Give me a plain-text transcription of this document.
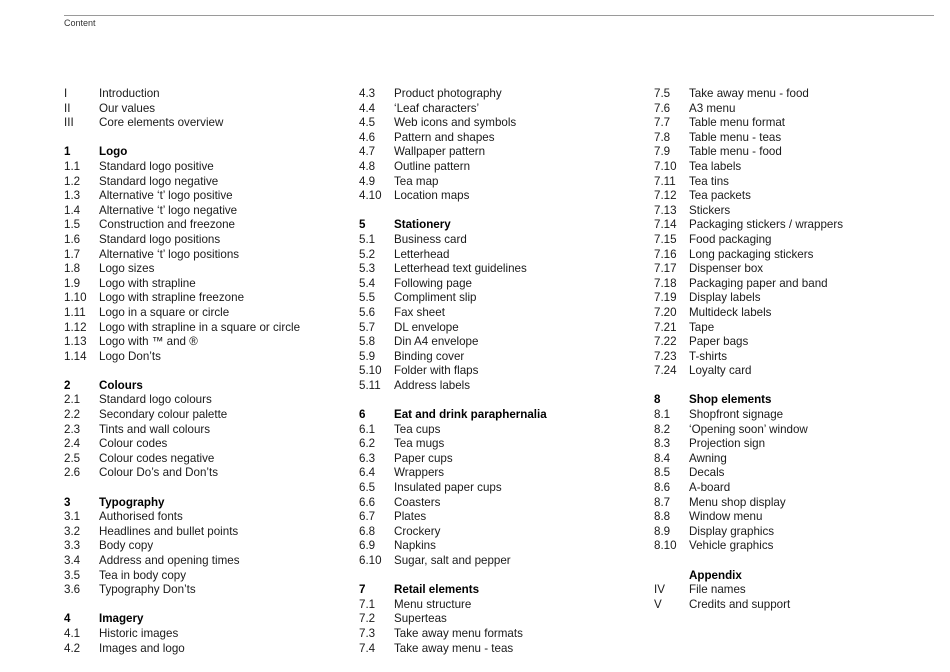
Content
I	Introduction
II Our values
III Core elements overview
1 Logo
1.1 Standard logo positive
1.2 Standard logo negative
1.3 Alternative ‘t’ logo positive
1.4 Alternative ‘t’ logo negative
1.5 Construction and freezone
1.6 Standard logo positions
1.7 Alternative ‘t’ logo positions
1.8 Logo sizes
1.9 Logo with strapline
1.10 Logo with strapline freezone
1.11 Logo in a square or circle
1.12 Logo with strapline in a square or circle
1.13 Logo with ™ and ®
1.14 Logo Don’ts
2 Colours
2.1 Standard logo colours
2.2 Secondary colour palette
2.3 Tints and wall colours
2.4 Colour codes
2.5 Colour codes negative
2.6 Colour Do’s and Don’ts
3 Typography
3.1 Authorised fonts
3.2 Headlines and bullet points
3.3 Body copy
3.4 Address and opening times
3.5 Tea in body copy
3.6 Typography Don’ts
4 Imagery
4.1 Historic images
4.2 Images and logo
4.3 Product photography
4.4 ‘Leaf characters’
4.5 Web icons and symbols
4.6 Pattern and shapes
4.7 Wallpaper pattern
4.8 Outline pattern
4.9 Tea map
4.10 Location maps
5 Stationery
5.1 Business card
5.2 Letterhead
5.3 Letterhead text guidelines
5.4 Following page
5.5 Compliment slip
5.6 Fax sheet
5.7 DL envelope
5.8 Din A4 envelope
5.9 Binding cover
5.10 Folder with flaps
5.11 Address labels
6 Eat and drink paraphernalia
6.1 Tea cups
6.2 Tea mugs
6.3 Paper cups
6.4 Wrappers
6.5 Insulated paper cups
6.6 Coasters
6.7 Plates
6.8 Crockery
6.9 Napkins
6.10 Sugar, salt and pepper
7 Retail elements
7.1 Menu structure
7.2 Superteas
7.3 Take away menu formats
7.4 Take away menu - teas
7.5 Take away menu - food
7.6 A3 menu
7.7 Table menu format
7.8 Table menu - teas
7.9 Table menu - food
7.10 Tea labels
7.11 Tea tins
7.12 Tea packets
7.13 Stickers
7.14 Packaging stickers / wrappers
7.15 Food packaging
7.16 Long packaging stickers
7.17 Dispenser box
7.18 Packaging paper and band
7.19 Display labels
7.20 Multideck labels
7.21 Tape
7.22 Paper bags
7.23 T-shirts
7.24 Loyalty card
8 Shop elements
8.1 Shopfront signage
8.2 ‘Opening soon’ window
8.3 Projection sign
8.4 Awning
8.5 Decals
8.6 A-board
8.7 Menu shop display
8.8 Window menu
8.9 Display graphics
8.10 Vehicle graphics
Appendix
IV File names
V Credits and support
